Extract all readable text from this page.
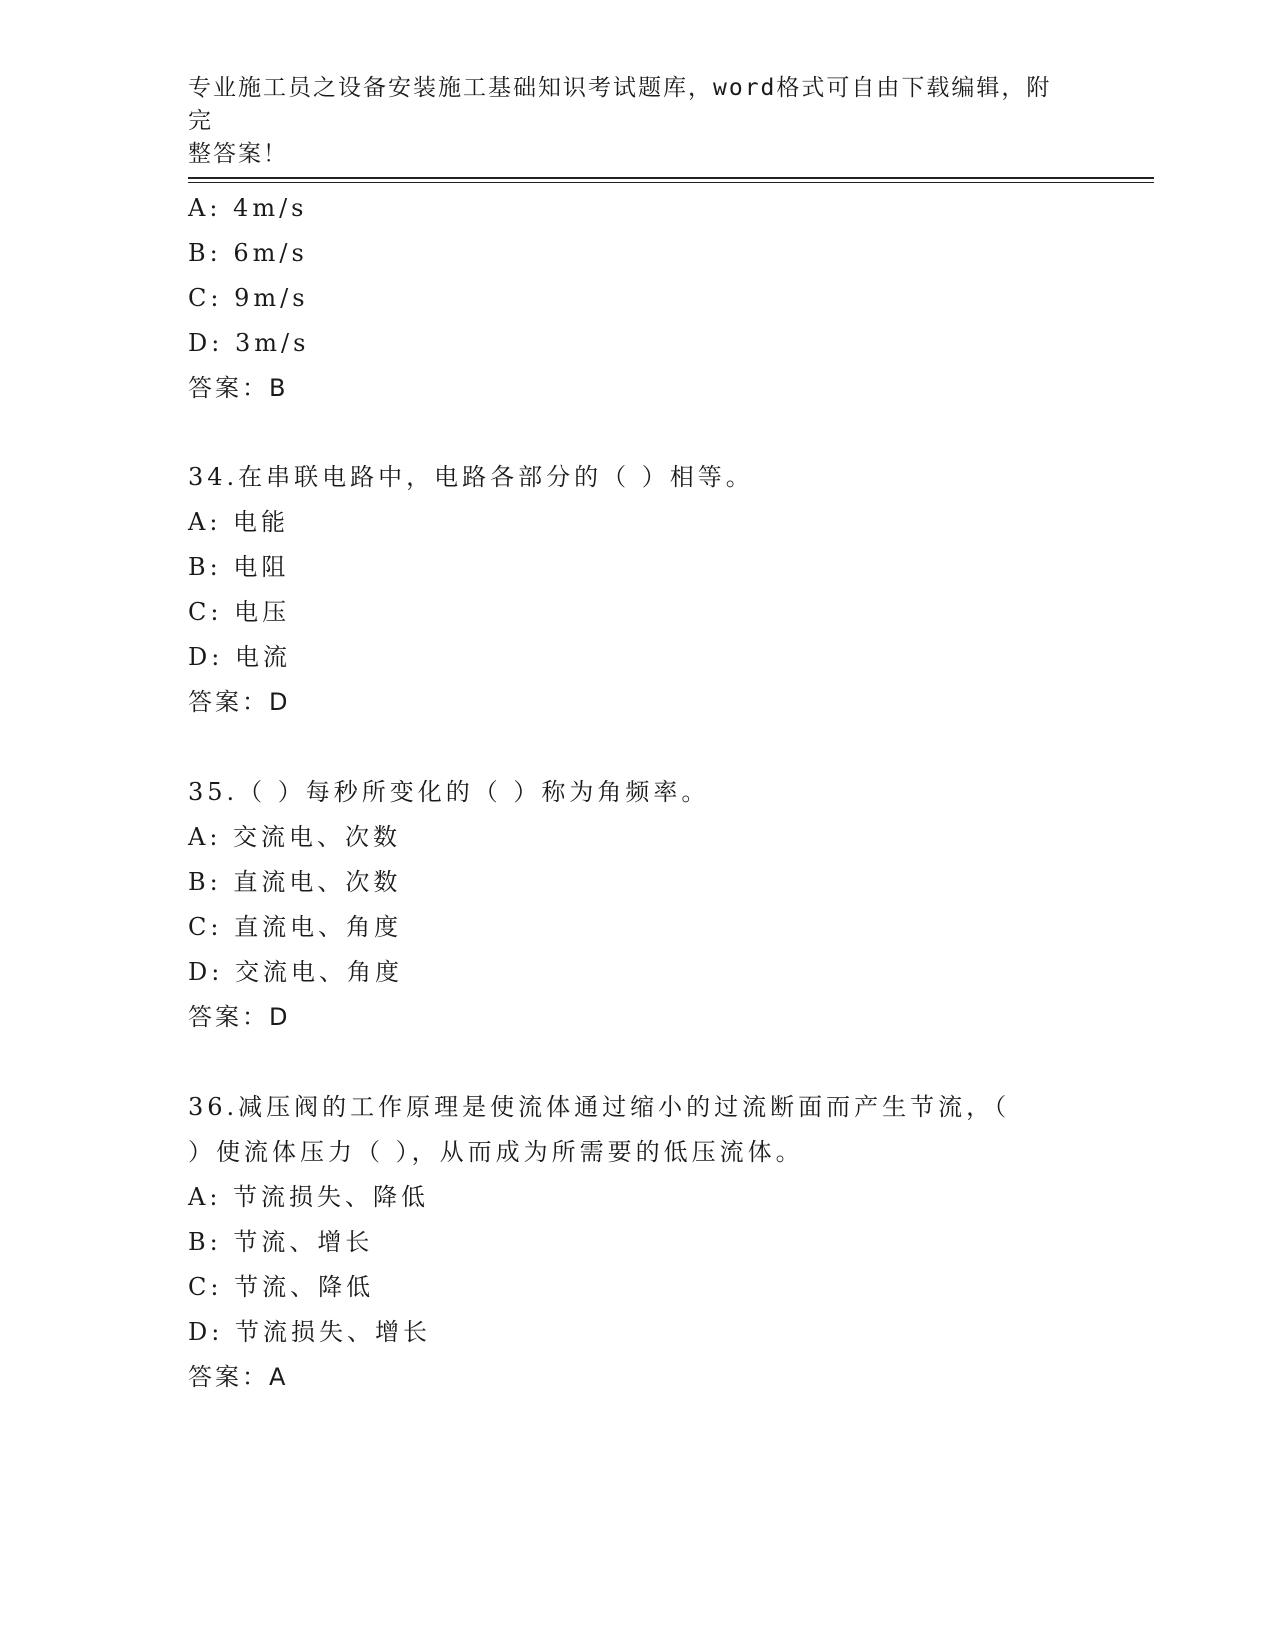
专业施工员之设备安装施工基础知识考试题库，word格式可自由下载编辑，附完
整答案！
A: 4m/s
B: 6m/s
C: 9m/s
D: 3m/s
答案：B
34.在串联电路中，电路各部分的（ ）相等。
A: 电能
B: 电阻
C: 电压
D: 电流
答案：D
35.（ ）每秒所变化的（ ）称为角频率。
A: 交流电、次数
B: 直流电、次数
C: 直流电、角度
D: 交流电、角度
答案：D
36.减压阀的工作原理是使流体通过缩小的过流断面而产生节流，（
）使流体压力（ ），从而成为所需要的低压流体。
A: 节流损失、降低
B: 节流、增长
C: 节流、降低
D: 节流损失、增长
答案：A
